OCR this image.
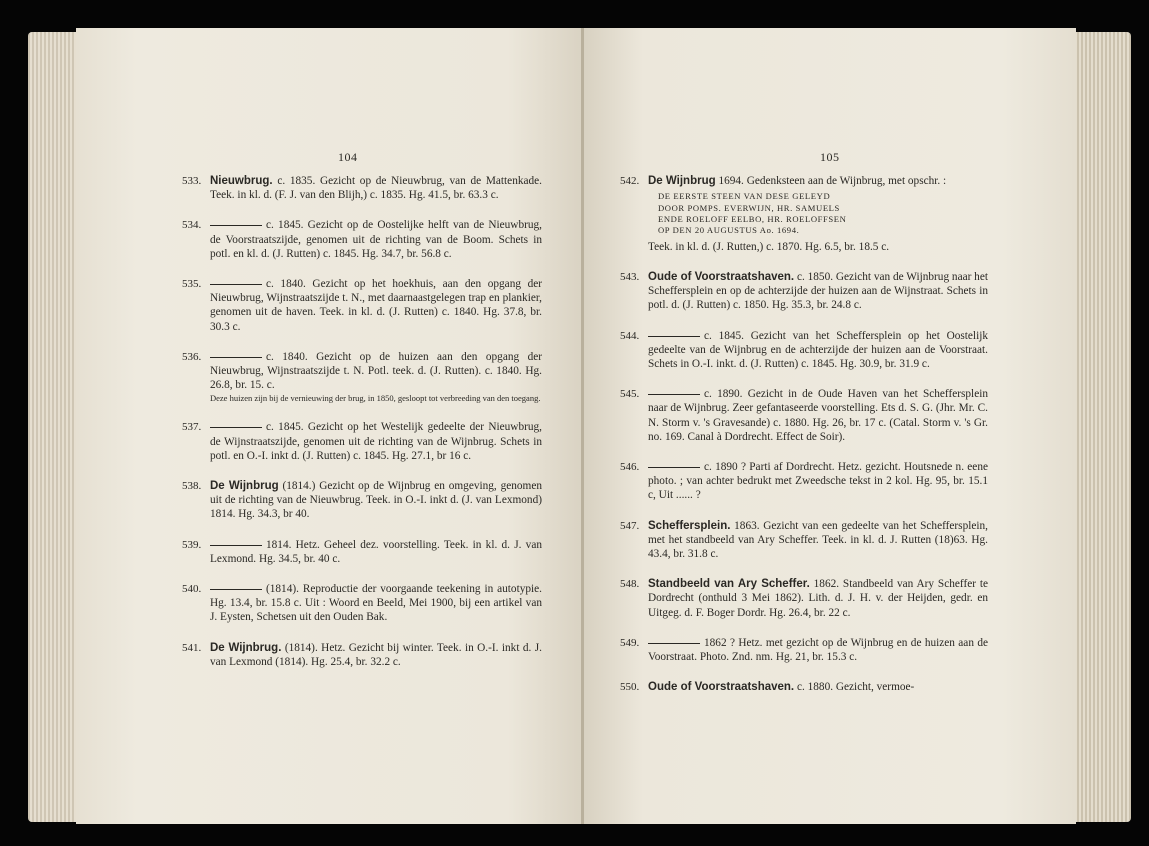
104
533. Nieuwbrug. c. 1835. Gezicht op de Nieuwbrug, van de Mattenkade. Teek. in kl. d. (F. J. van den Blijh,) c. 1835. Hg. 41.5, br. 63.3 c.
534.	c. 1845. Gezicht op de Oostelijke helft van de Nieuwbrug, de Voorstraatszijde, genomen uit de richting van de Boom. Schets in potl. en kl. d. (J. Rutten) c. 1845. Hg. 34.7, br. 56.8 c.
535.	c. 1840. Gezicht op het hoekhuis, aan den opgang der Nieuwbrug, Wijnstraatszijde t. N., met daarnaastgelegen trap en plankier, genomen uit de haven. Teek. in kl. d. (J. Rutten) c. 1840. Hg. 37.8, br. 30.3 c.
536.	c. 1840. Gezicht op de huizen aan den opgang der Nieuwbrug, Wijnstraatszijde t. N. Potl. teek. d. (J. Rutten). c. 1840. Hg. 26.8, br. 15. c.
Deze huizen zijn bij de vernieuwing der brug, in 1850, gesloopt tot verbreeding van den toegang.
537.	c. 1845. Gezicht op het Westelijk gedeelte der Nieuwbrug, de Wijnstraatszijde, genomen uit de richting van de Wijnbrug. Schets in potl. en O.-I. inkt d. (J. Rutten) c. 1845. Hg. 27.1, br 16 c.
538. De Wijnbrug (1814.) Gezicht op de Wijnbrug en omgeving, genomen uit de richting van de Nieuwbrug. Teek. in O.-I. inkt d. (J. van Lexmond) 1814. Hg. 34.3, br 40.
539.	1814. Hetz. Geheel dez. voorstelling. Teek. in kl. d. J. van Lexmond. Hg. 34.5, br. 40 c.
540.	(1814). Reproductie der voorgaande teekening in autotypie. Hg. 13.4, br. 15.8 c. Uit : Woord en Beeld, Mei 1900, bij een artikel van J. Eysten, Schetsen uit den Ouden Bak.
541. De Wijnbrug. (1814). Hetz. Gezicht bij winter. Teek. in O.-I. inkt d. J. van Lexmond (1814). Hg. 25.4, br. 32.2 c.
105
542. De Wijnbrug 1694. Gedenksteen aan de Wijnbrug, met opschr. :
DE EERSTE STEEN VAN DESE GELEYD
DOOR POMPS. EVERWIJN, HR. SAMUELS
ENDE ROELOFF EELBO, HR. ROELOFFSEN
OP DEN 20 AUGUSTUS Ao. 1694.
Teek. in kl. d. (J. Rutten,) c. 1870. Hg. 6.5, br. 18.5 c.
543. Oude of Voorstraatshaven. c. 1850. Gezicht van de Wijnbrug naar het Scheffersplein en op de achterzijde der huizen aan de Wijnstraat. Schets in potl. d. (J. Rutten) c. 1850. Hg. 35.3, br. 24.8 c.
544.	c. 1845. Gezicht van het Scheffersplein op het Oostelijk gedeelte van de Wijnbrug en de achterzijde der huizen aan de Voorstraat. Schets in O.-I. inkt. d. (J. Rutten) c. 1845. Hg. 30.9, br. 31.9 c.
545.	c. 1890. Gezicht in de Oude Haven van het Scheffersplein naar de Wijnbrug. Zeer gefantaseerde voorstelling. Ets d. S. G. (Jhr. Mr. C. N. Storm v. 's Gravesande) c. 1880. Hg. 26, br. 17 c. (Catal. Storm v. 's Gr. no. 169. Canal à Dordrecht. Effect de Soir).
546.	c. 1890 ? Parti af Dordrecht. Hetz. gezicht. Houtsnede n. eene photo. ; van achter bedrukt met Zweedsche tekst in 2 kol. Hg. 95, br. 15.1 c, Uit ...... ?
547. Scheffersplein. 1863. Gezicht van een gedeelte van het Scheffersplein, met het standbeeld van Ary Scheffer. Teek. in kl. d. J. Rutten (18)63. Hg. 43.4, br. 31.8 c.
548. Standbeeld van Ary Scheffer. 1862. Standbeeld van Ary Scheffer te Dordrecht (onthuld 3 Mei 1862). Lith. d. J. H. v. der Heijden, gedr. en Uitgeg. d. F. Boger Dordr. Hg. 26.4, br. 22 c.
549.	1862 ? Hetz. met gezicht op de Wijnbrug en de huizen aan de Voorstraat. Photo. Znd. nm. Hg. 21, br. 15.3 c.
550. Oude of Voorstraatshaven. c. 1880. Gezicht, vermoe-
